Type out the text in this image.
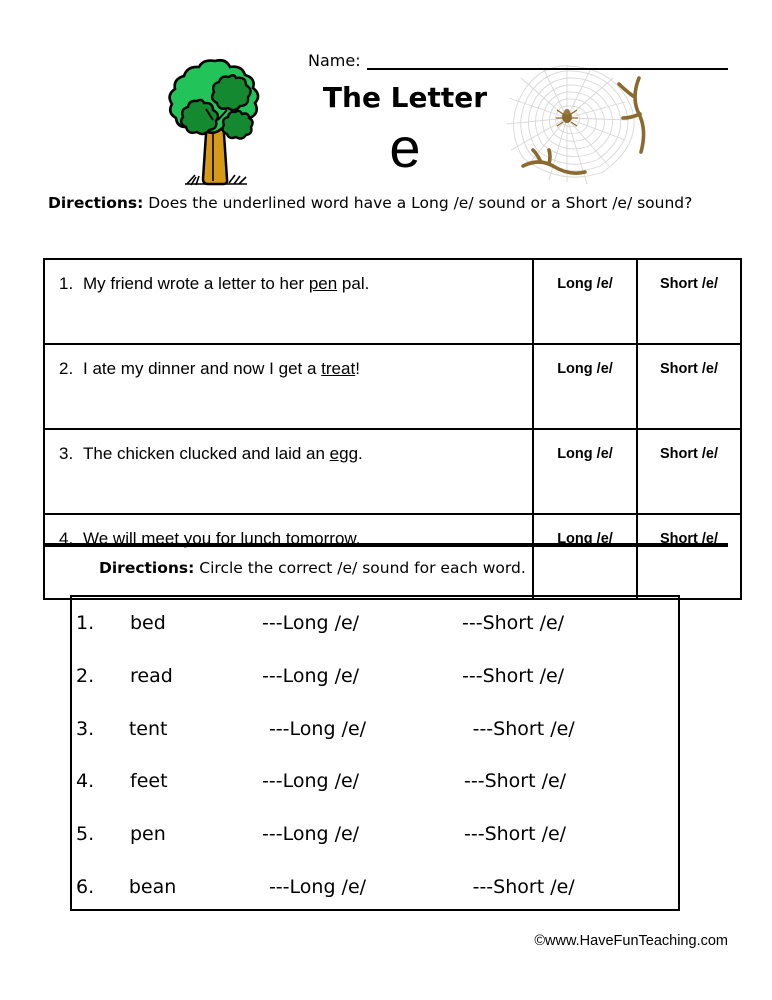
Name:
The Letter
e
Directions: Does the underlined word have a Long /e/ sound or a Short /e/ sound?
1. My friend wrote a letter to her pen pal.	Long /e/	Short /e/
2. I ate my dinner and now I get a treat!	Long /e/	Short /e/
3. The chicken clucked and laid an egg.	Long /e/	Short /e/
4. We will meet you for lunch tomorrow.	Long /e/	Short /e/
Directions: Circle the correct /e/ sound for each word.
1.	bed	---Long /e/	---Short /e/
2.	read	---Long /e/	---Short /e/
3.	tent	---Long /e/	---Short /e/
4.	feet	---Long /e/	---Short /e/
5.	pen	---Long /e/	---Short /e/
6.	bean	---Long /e/	---Short /e/
©www.HaveFunTeaching.com
